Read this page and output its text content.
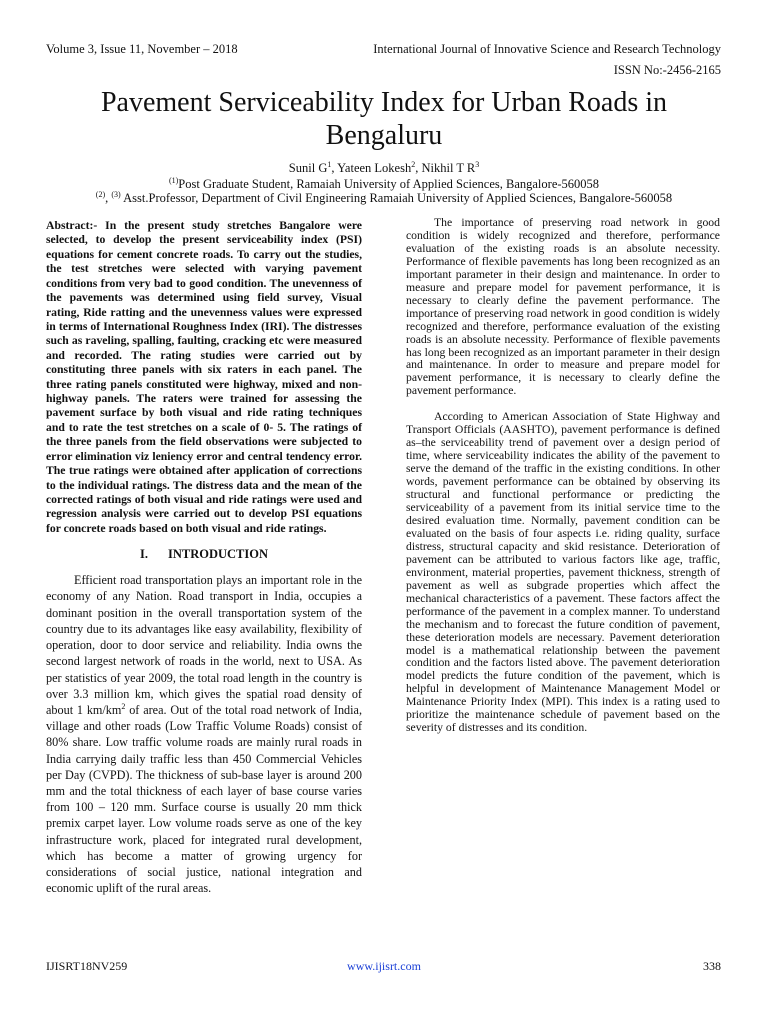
Volume 3, Issue 11, November – 2018	International Journal of Innovative Science and Research Technology
ISSN No:-2456-2165
Pavement Serviceability Index for Urban Roads in Bengaluru
Sunil $G^1$, Yateen Lokesh$^2$, Nikhil T $R^3$
$^{(1)}$Post Graduate Student, Ramaiah University of Applied Sciences, Bangalore-560058
$^{(2)}$, $^{(3)}$ Asst.Professor, Department of Civil Engineering Ramaiah University of Applied Sciences, Bangalore-560058

Abstract:- In the present study stretches Bangalore were selected, to develop the present serviceability index (PSI) equations for cement concrete roads. To carry out the studies, the test stretches were selected with varying pavement conditions from very bad to good condition. The unevenness of the pavements was determined using field survey, Visual rating, Ride ratting and the unevenness values were expressed in terms of International Roughness Index (IRI). The distresses such as raveling, spalling, faulting, cracking etc were measured and recorded. The rating studies were carried out by constituting three panels with six raters in each panel. The three rating panels constituted were highway, mixed and non-highway panels. The raters were trained for assessing the pavement surface by both visual and ride rating techniques and to rate the test stretches on a scale of 0- 5. The ratings of the three panels from the field observations were subjected to error elimination viz leniency error and central tendency error. The true ratings were obtained after application of corrections to the individual ratings. The distress data and the mean of the corrected ratings of both visual and ride ratings were used and regression analysis were carried out to develop PSI equations for concrete roads based on both visual and ride ratings.

I. INTRODUCTION

Efficient road transportation plays an important role in the economy of any Nation. Road transport in India, occupies a dominant position in the overall transportation system of the country due to its advantages like easy availability, flexibility of operation, door to door service and reliability. India owns the second largest network of roads in the world, next to USA. As per statistics of year 2009, the total road length in the country is over 3.3 million km, which gives the spatial road density of about 1 $km/km^2$ of area. Out of the total road network of India, village and other roads (Low Traffic Volume Roads) consist of 80% share. Low traffic volume roads are mainly rural roads in India carrying daily traffic less than 450 Commercial Vehicles per Day (CVPD). The thickness of sub-base layer is around 200 mm and the total thickness of each layer of base course varies from 100 – 120 mm. Surface course is usually 20 mm thick premix carpet layer. Low volume roads serve as one of the key infrastructure work, placed for integrated rural development, which has become a matter of growing urgency for considerations of social justice, national integration and economic uplift of the rural areas.

The importance of preserving road network in good condition is widely recognized and therefore, performance evaluation of the existing roads is an absolute necessity. Performance of flexible pavements has long been recognized as an important parameter in their design and maintenance. In order to measure and prepare model for pavement performance, it is necessary to clearly define the pavement performance. The importance of preserving road network in good condition is widely recognized and therefore, performance evaluation of the existing roads is an absolute necessity. Performance of flexible pavements has long been recognized as an important parameter in their design and maintenance. In order to measure and prepare model for pavement performance, it is necessary to clearly define the pavement performance.

According to American Association of State Highway and Transport Officials (AASHTO), pavement performance is defined as–the serviceability trend of pavement over a design period of time, where serviceability indicates the ability of the pavement to serve the demand of the traffic in the existing conditions. In other words, pavement performance can be obtained by observing its structural and functional performance or predicting the serviceability of a pavement from its initial service time to the desired evaluation time. Normally, pavement condition can be evaluated on the basis of four aspects i.e. riding quality, surface distress, structural capacity and skid resistance. Deterioration of pavement can be attributed to various factors like age, traffic, environment, material properties, pavement thickness, strength of pavement as well as subgrade properties which affect the mechanical characteristics of a pavement. These factors affect the performance of the pavement in a complex manner. To understand the mechanism and to forecast the future condition of pavement, these deterioration models are necessary. Pavement deterioration model is a mathematical relationship between the pavement condition and the factors listed above. The pavement deterioration model predicts the future condition of the pavement, which is helpful in development of Maintenance Management Model or Maintenance Priority Index (MPI). This index is a rating used to prioritize the maintenance schedule of pavement based on the severity of distresses and its condition.

IJISRT18NV259	www.ijisrt.com	338
